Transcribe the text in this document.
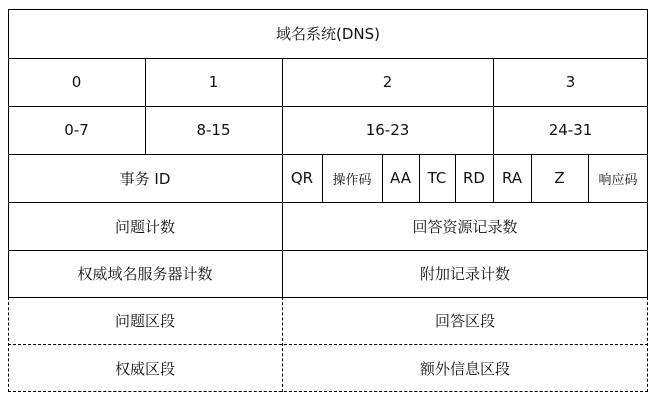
域名系统(DNS)
0	1	2	3
0-7	8-15	16-23	24-31
事务 ID	QR	操作码	AA	TC	RD	RA	Z	响应码
问题计数	回答资源记录数
权威域名服务器计数	附加记录计数
问题区段	回答区段
权威区段	额外信息区段
